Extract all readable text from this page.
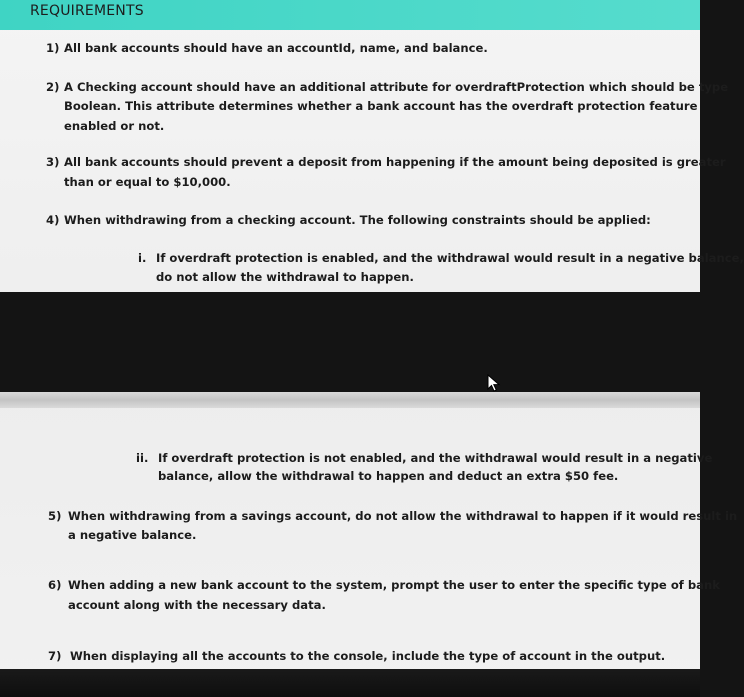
REQUIREMENTS
1) All bank accounts should have an accountId, name, and balance.
2) A Checking account should have an additional attribute for overdraftProtection which should be type
Boolean. This attribute determines whether a bank account has the overdraft protection feature
enabled or not.
3) All bank accounts should prevent a deposit from happening if the amount being deposited is greater
than or equal to $10,000.
4) When withdrawing from a checking account. The following constraints should be applied:
i. If overdraft protection is enabled, and the withdrawal would result in a negative balance,
do not allow the withdrawal to happen.
ii. If overdraft protection is not enabled, and the withdrawal would result in a negative
balance, allow the withdrawal to happen and deduct an extra $50 fee.
5) When withdrawing from a savings account, do not allow the withdrawal to happen if it would result in
a negative balance.
6) When adding a new bank account to the system, prompt the user to enter the specific type of bank
account along with the necessary data.
7) When displaying all the accounts to the console, include the type of account in the output.
